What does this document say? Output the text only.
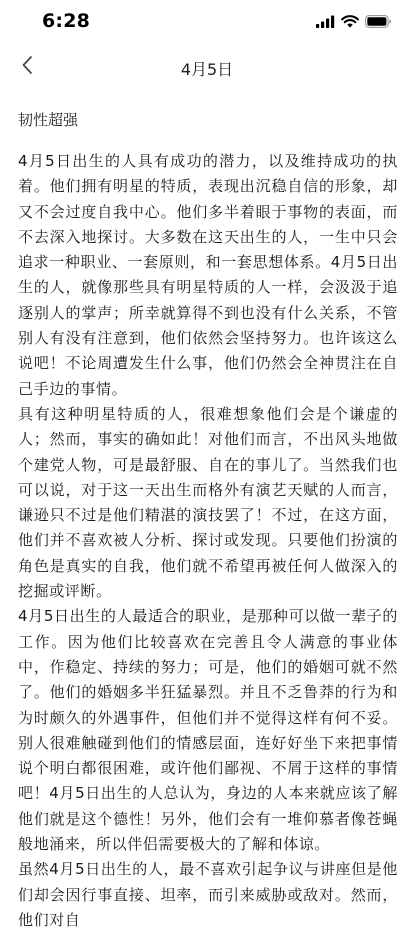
6:28
4月5日
韧性超强

4月5日出生的人具有成功的潜力，以及维持成功的执着。他们拥有明星的特质，表现出沉稳自信的形象，却又不会过度自我中心。他们多半着眼于事物的表面，而不去深入地探讨。大多数在这天出生的人，一生中只会追求一种职业、一套原则，和一套思想体系。4月5日出生的人，就像那些具有明星特质的人一样，会汲汲于追逐别人的掌声；所幸就算得不到也没有什么关系，不管别人有没有注意到，他们依然会坚持努力。也许该这么说吧！不论周遭发生什么事，他们仍然会全神贯注在自己手边的事情。

具有这种明星特质的人，很难想象他们会是个谦虚的人；然而，事实的确如此！对他们而言，不出风头地做个建党人物，可是最舒服、自在的事儿了。当然我们也可以说，对于这一天出生而格外有演艺天赋的人而言，谦逊只不过是他们精湛的演技罢了！不过，在这方面，他们并不喜欢被人分析、探讨或发现。只要他们扮演的角色是真实的自我，他们就不希望再被任何人做深入的挖掘或评断。

4月5日出生的人最适合的职业，是那种可以做一辈子的工作。因为他们比较喜欢在完善且令人满意的事业体中，作稳定、持续的努力；可是，他们的婚姻可就不然了。他们的婚姻多半狂猛暴烈。并且不乏鲁莽的行为和为时颇久的外遇事件，但他们并不觉得这样有何不妥。别人很难触碰到他们的情感层面，连好好坐下来把事情说个明白都很困难，或许他们鄙视、不屑于这样的事情吧！4月5日出生的人总认为，身边的人本来就应该了解他们就是这个德性！另外，他们会有一堆仰慕者像苍蝇般地涌来，所以伴侣需要极大的了解和体谅。

虽然4月5日出生的人，最不喜欢引起争议与讲座但是他们却会因行事直接、坦率，而引来威胁或敌对。然而，他们对自
